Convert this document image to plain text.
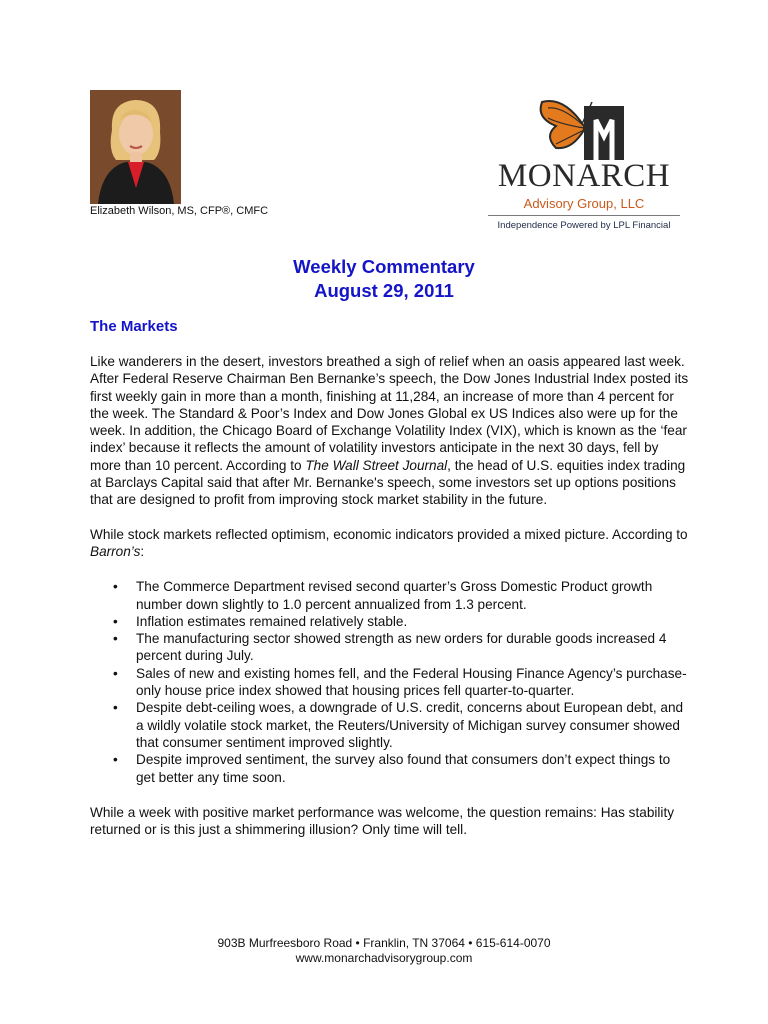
Elizabeth Wilson, MS, CFP®, CMFC
MONARCH
Advisory Group, LLC
Independence Powered by LPL Financial
Weekly Commentary
August 29, 2011
The Markets

Like wanderers in the desert, investors breathed a sigh of relief when an oasis appeared last week. After Federal Reserve Chairman Ben Bernanke’s speech, the Dow Jones Industrial Index posted its first weekly gain in more than a month, finishing at 11,284, an increase of more than 4 percent for the week. The Standard & Poor’s Index and Dow Jones Global ex US Indices also were up for the week. In addition, the Chicago Board of Exchange Volatility Index (VIX), which is known as the ‘fear index’ because it reflects the amount of volatility investors anticipate in the next 30 days, fell by more than 10 percent. According to The Wall Street Journal, the head of U.S. equities index trading at Barclays Capital said that after Mr. Bernanke's speech, some investors set up options positions that are designed to profit from improving stock market stability in the future.

While stock markets reflected optimism, economic indicators provided a mixed picture. According to Barron’s:

• The Commerce Department revised second quarter’s Gross Domestic Product growth number down slightly to 1.0 percent annualized from 1.3 percent.
• Inflation estimates remained relatively stable.
• The manufacturing sector showed strength as new orders for durable goods increased 4 percent during July.
• Sales of new and existing homes fell, and the Federal Housing Finance Agency’s purchase-only house price index showed that housing prices fell quarter-to-quarter.
• Despite debt-ceiling woes, a downgrade of U.S. credit, concerns about European debt, and a wildly volatile stock market, the Reuters/University of Michigan survey consumer showed that consumer sentiment improved slightly.
• Despite improved sentiment, the survey also found that consumers don’t expect things to get better any time soon.

While a week with positive market performance was welcome, the question remains: Has stability returned or is this just a shimmering illusion? Only time will tell.

903B Murfreesboro Road • Franklin, TN 37064 • 615-614-0070
www.monarchadvisorygroup.com
